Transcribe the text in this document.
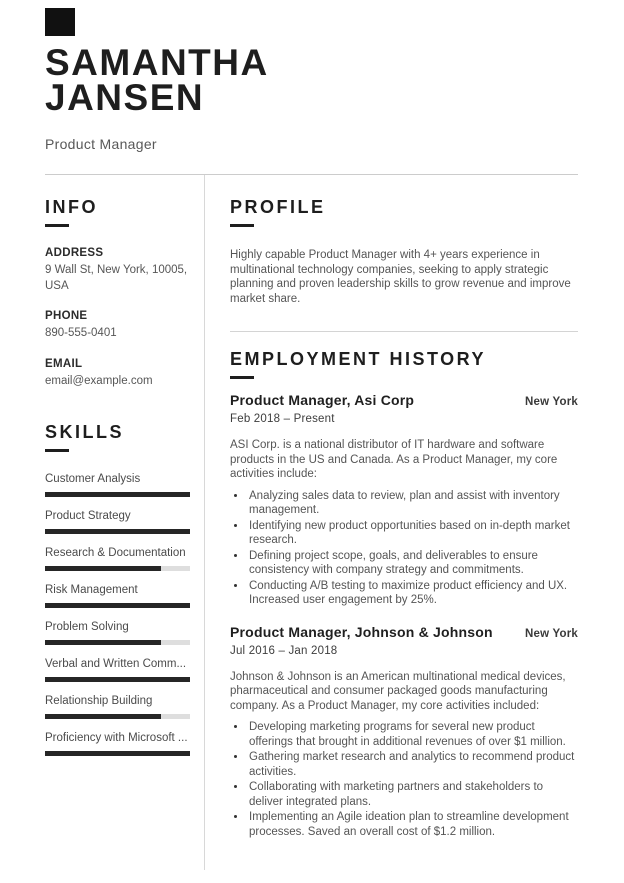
SAMANTHA
JANSEN
Product Manager
INFO
ADDRESS
9 Wall St, New York, 10005, USA
PHONE
890-555-0401
EMAIL
email@example.com
SKILLS
Customer Analysis
Product Strategy
Research & Documentation
Risk Management
Problem Solving
Verbal and Written Comm...
Relationship Building
Proficiency with Microsoft ...
PROFILE
Highly capable Product Manager with 4+ years experience in multinational technology companies, seeking to apply strategic planning and proven leadership skills to grow revenue and improve market share.
EMPLOYMENT HISTORY
Product Manager, Asi Corp	New York
Feb 2018 – Present
ASI Corp. is a national distributor of IT hardware and software products in the US and Canada. As a Product Manager, my core activities include:
• Analyzing sales data to review, plan and assist with inventory management.
• Identifying new product opportunities based on in-depth market research.
• Defining project scope, goals, and deliverables to ensure consistency with company strategy and commitments.
• Conducting A/B testing to maximize product efficiency and UX. Increased user engagement by 25%.
Product Manager, Johnson & Johnson	New York
Jul 2016 – Jan 2018
Johnson & Johnson is an American multinational medical devices, pharmaceutical and consumer packaged goods manufacturing company. As a Product Manager, my core activities included:
• Developing marketing programs for several new product offerings that brought in additional revenues of over $1 million.
• Gathering market research and analytics to recommend product activities.
• Collaborating with marketing partners and stakeholders to deliver integrated plans.
• Implementing an Agile ideation plan to streamline development processes. Saved an overall cost of $1.2 million.
